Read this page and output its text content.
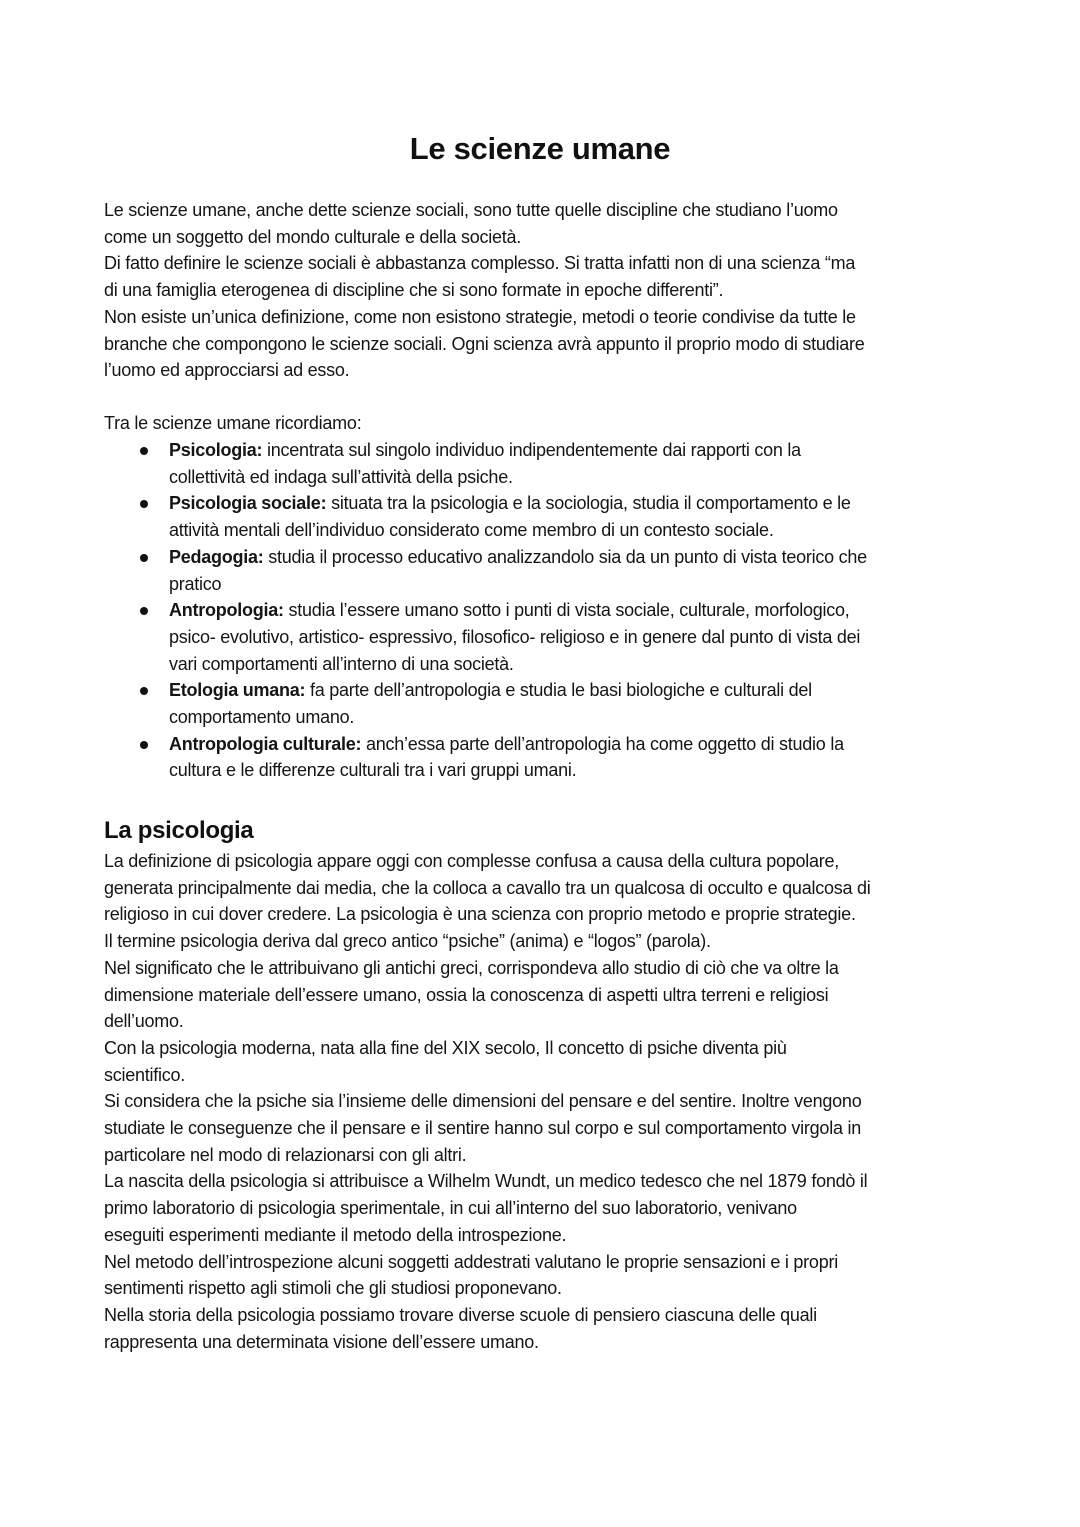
Le scienze umane
Le scienze umane, anche dette scienze sociali, sono tutte quelle discipline che studiano l’uomo
come un soggetto del mondo culturale e della società.
Di fatto definire le scienze sociali è abbastanza complesso. Si tratta infatti non di una scienza “ma
di una famiglia eterogenea di discipline che si sono formate in epoche differenti”.
Non esiste un’unica definizione, come non esistono strategie, metodi o teorie condivise da tutte le
branche che compongono le scienze sociali. Ogni scienza avrà appunto il proprio modo di studiare
l’uomo ed approcciarsi ad esso.
Tra le scienze umane ricordiamo:
Psicologia: incentrata sul singolo individuo indipendentemente dai rapporti con la
collettività ed indaga sull’attività della psiche.
Psicologia sociale: situata tra la psicologia e la sociologia, studia il comportamento e le
attività mentali dell’individuo considerato come membro di un contesto sociale.
Pedagogia: studia il processo educativo analizzandolo sia da un punto di vista teorico che
pratico
Antropologia: studia l’essere umano sotto i punti di vista sociale, culturale, morfologico,
psico- evolutivo, artistico- espressivo, filosofico- religioso e in genere dal punto di vista dei
vari comportamenti all’interno di una società.
Etologia umana: fa parte dell’antropologia e studia le basi biologiche e culturali del
comportamento umano.
Antropologia culturale: anch’essa parte dell’antropologia ha come oggetto di studio la
cultura e le differenze culturali tra i vari gruppi umani.
La psicologia
La definizione di psicologia appare oggi con complesse confusa a causa della cultura popolare,
generata principalmente dai media, che la colloca a cavallo tra un qualcosa di occulto e qualcosa di
religioso in cui dover credere. La psicologia è una scienza con proprio metodo e proprie strategie.
Il termine psicologia deriva dal greco antico “psiche” (anima) e “logos” (parola).
Nel significato che le attribuivano gli antichi greci, corrispondeva allo studio di ciò che va oltre la
dimensione materiale dell’essere umano, ossia la conoscenza di aspetti ultra terreni e religiosi
dell’uomo.
Con la psicologia moderna, nata alla fine del XIX secolo, Il concetto di psiche diventa più
scientifico.
Si considera che la psiche sia l’insieme delle dimensioni del pensare e del sentire. Inoltre vengono
studiate le conseguenze che il pensare e il sentire hanno sul corpo e sul comportamento virgola in
particolare nel modo di relazionarsi con gli altri.
La nascita della psicologia si attribuisce a Wilhelm Wundt, un medico tedesco che nel 1879 fondò il
primo laboratorio di psicologia sperimentale, in cui all’interno del suo laboratorio, venivano
eseguiti esperimenti mediante il metodo della introspezione.
Nel metodo dell’introspezione alcuni soggetti addestrati valutano le proprie sensazioni e i propri
sentimenti rispetto agli stimoli che gli studiosi proponevano.
Nella storia della psicologia possiamo trovare diverse scuole di pensiero ciascuna delle quali
rappresenta una determinata visione dell’essere umano.
